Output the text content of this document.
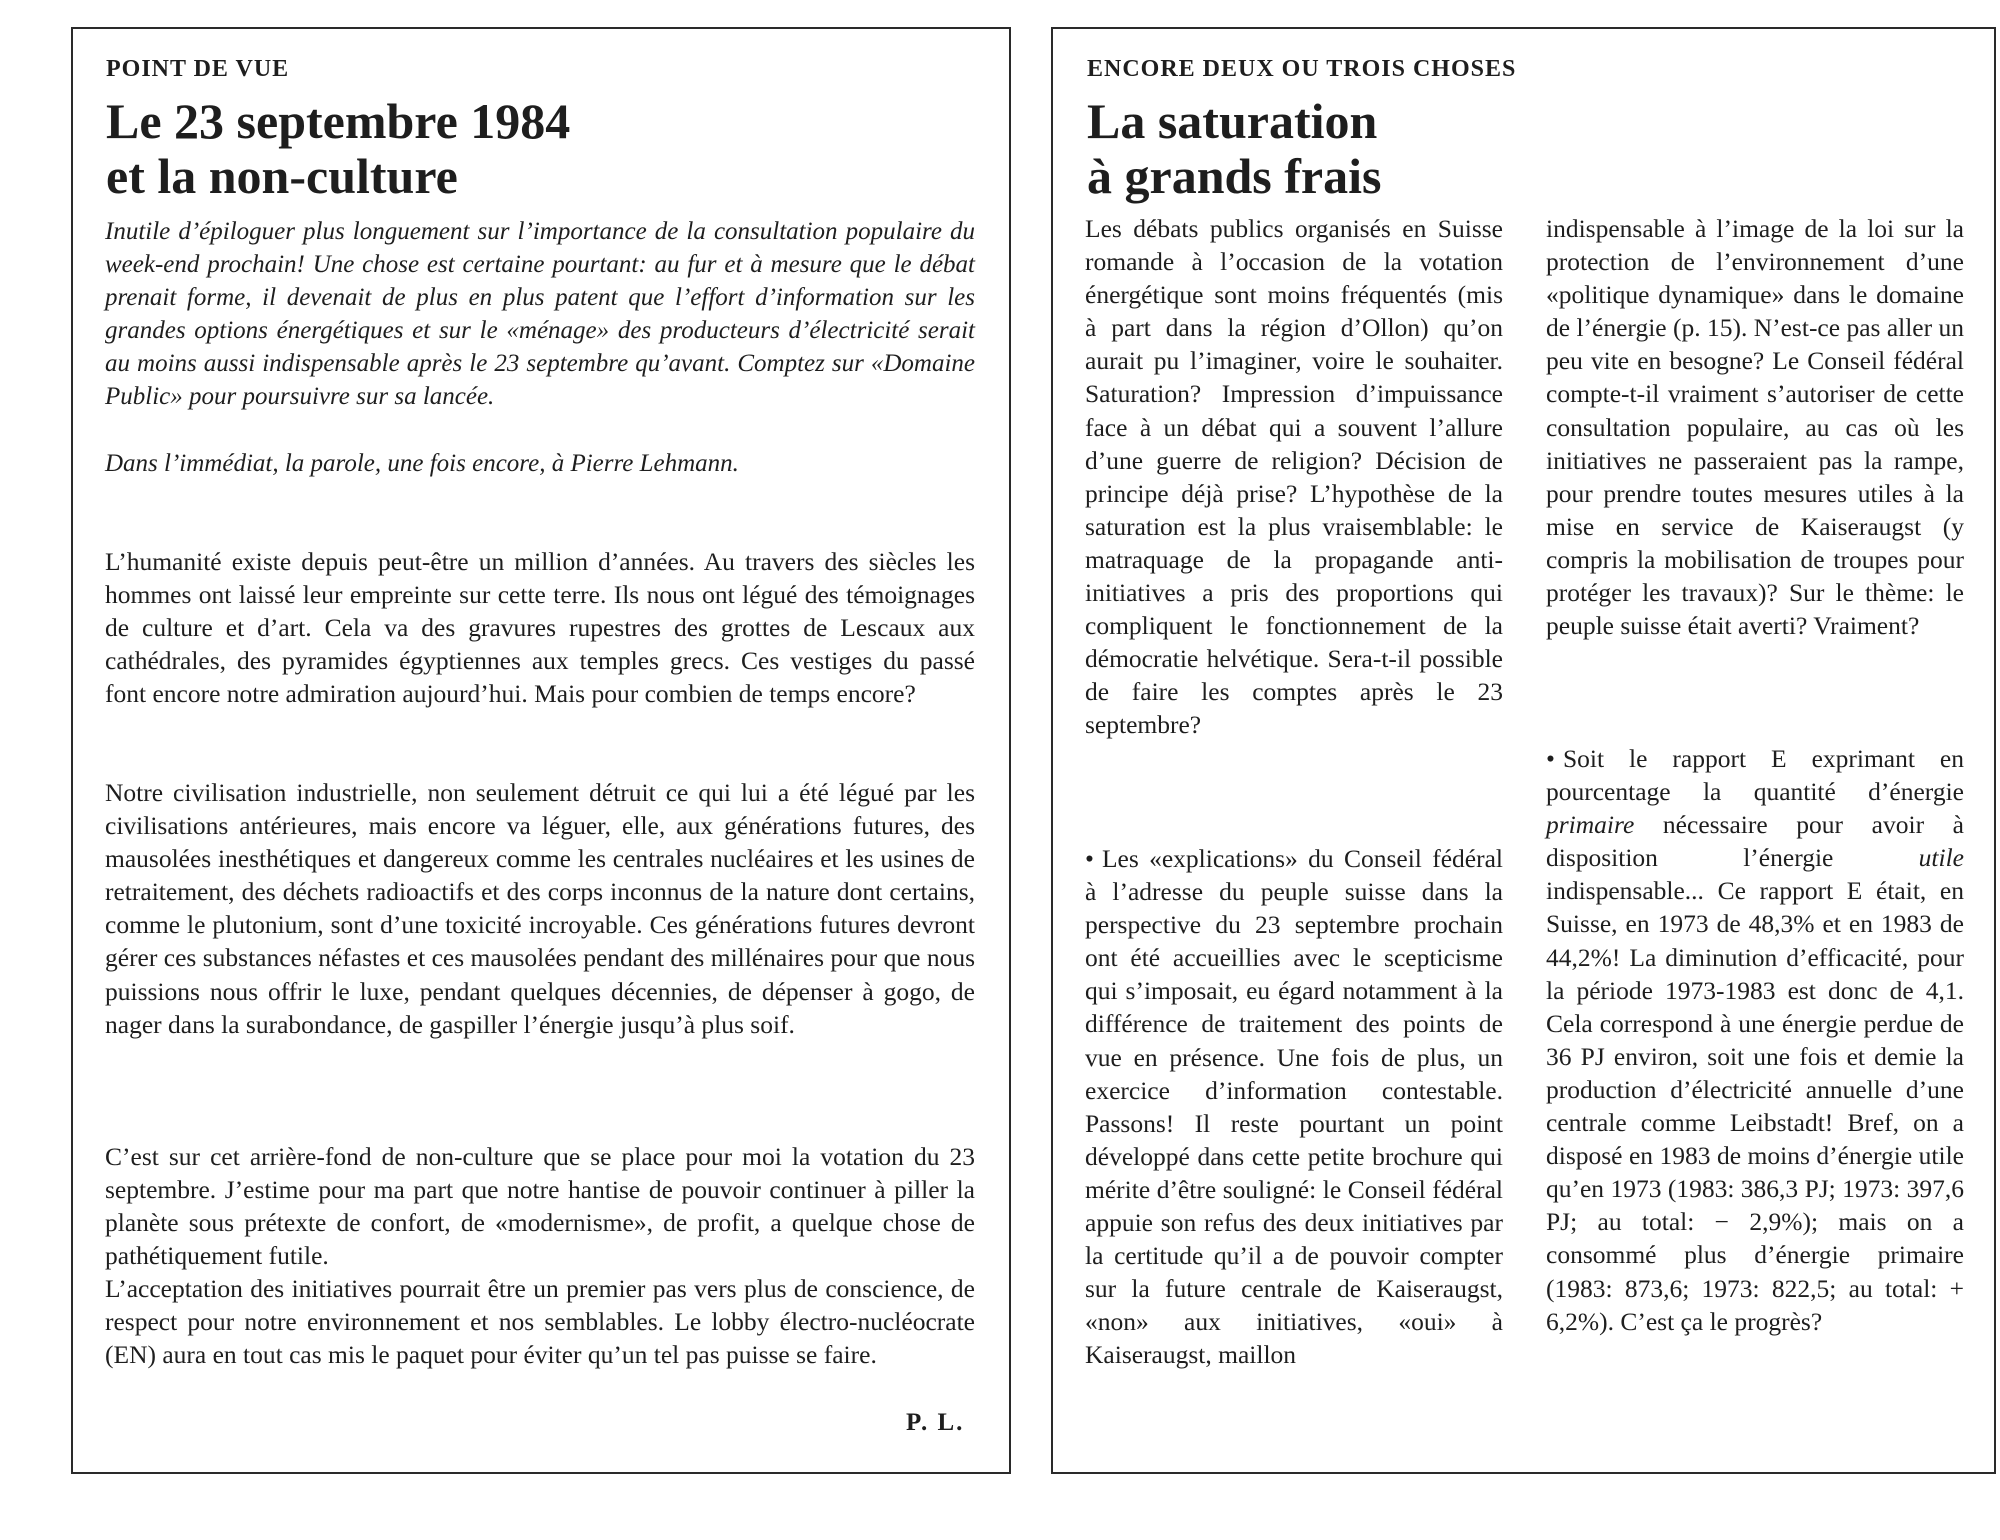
POINT DE VUE
Le 23 septembre 1984
et la non-culture

Inutile d’épiloguer plus longuement sur l’importance de la consultation populaire du week-end prochain! Une chose est certaine pourtant: au fur et à mesure que le débat prenait forme, il devenait de plus en plus patent que l’effort d’information sur les grandes options énergétiques et sur le «ménage» des producteurs d’électricité serait au moins aussi indispensable après le 23 septembre qu’avant. Comptez sur «Domaine Public» pour poursuivre sur sa lancée.

Dans l’immédiat, la parole, une fois encore, à Pierre Lehmann.

L’humanité existe depuis peut-être un million d’années. Au travers des siècles les hommes ont laissé leur empreinte sur cette terre. Ils nous ont légué des témoignages de culture et d’art. Cela va des gravures rupestres des grottes de Lescaux aux cathédrales, des pyramides égyptiennes aux temples grecs. Ces vestiges du passé font encore notre admiration aujourd’hui. Mais pour combien de temps encore?

Notre civilisation industrielle, non seulement détruit ce qui lui a été légué par les civilisations antérieures, mais encore va léguer, elle, aux générations futures, des mausolées inesthétiques et dangereux comme les centrales nucléaires et les usines de retraitement, des déchets radioactifs et des corps inconnus de la nature dont certains, comme le plutonium, sont d’une toxicité incroyable. Ces générations futures devront gérer ces substances néfastes et ces mausolées pendant des millénaires pour que nous puissions nous offrir le luxe, pendant quelques décennies, de dépenser à gogo, de nager dans la surabondance, de gaspiller l’énergie jusqu’à plus soif.

C’est sur cet arrière-fond de non-culture que se place pour moi la votation du 23 septembre. J’estime pour ma part que notre hantise de pouvoir continuer à piller la planète sous prétexte de confort, de «modernisme», de profit, a quelque chose de pathétiquement futile.

L’acceptation des initiatives pourrait être un premier pas vers plus de conscience, de respect pour notre environnement et nos semblables. Le lobby électro-nucléocrate (EN) aura en tout cas mis le paquet pour éviter qu’un tel pas puisse se faire.

P. L.
ENCORE DEUX OU TROIS CHOSES
La saturation
à grands frais

Les débats publics organisés en Suisse romande à l’occasion de la votation énergétique sont moins fréquentés (mis à part dans la région d’Ollon) qu’on aurait pu l’imaginer, voire le souhaiter. Saturation? Impression d’impuissance face à un débat qui a souvent l’allure d’une guerre de religion? Décision de principe déjà prise? L’hypothèse de la saturation est la plus vraisemblable: le matraquage de la propagande anti-initiatives a pris des proportions qui compliquent le fonctionnement de la démocratie helvétique. Sera-t-il possible de faire les comptes après le 23 septembre?

• Les «explications» du Conseil fédéral à l’adresse du peuple suisse dans la perspective du 23 septembre prochain ont été accueillies avec le scepticisme qui s’imposait, eu égard notamment à la différence de traitement des points de vue en présence. Une fois de plus, un exercice d’information contestable. Passons! Il reste pourtant un point développé dans cette petite brochure qui mérite d’être souligné: le Conseil fédéral appuie son refus des deux initiatives par la certitude qu’il a de pouvoir compter sur la future centrale de Kaiseraugst, «non» aux initiatives, «oui» à Kaiseraugst, maillon

indispensable à l’image de la loi sur la protection de l’environnement d’une «politique dynamique» dans le domaine de l’énergie (p. 15). N’est-ce pas aller un peu vite en besogne? Le Conseil fédéral compte-t-il vraiment s’autoriser de cette consultation populaire, au cas où les initiatives ne passeraient pas la rampe, pour prendre toutes mesures utiles à la mise en service de Kaiseraugst (y compris la mobilisation de troupes pour protéger les travaux)? Sur le thème: le peuple suisse était averti? Vraiment?

• Soit le rapport E exprimant en pourcentage la quantité d’énergie primaire nécessaire pour avoir à disposition l’énergie utile indispensable... Ce rapport E était, en Suisse, en 1973 de 48,3% et en 1983 de 44,2%! La diminution d’efficacité, pour la période 1973-1983 est donc de 4,1. Cela correspond à une énergie perdue de 36 PJ environ, soit une fois et demie la production d’électricité annuelle d’une centrale comme Leibstadt! Bref, on a disposé en 1983 de moins d’énergie utile qu’en 1973 (1983: 386,3 PJ; 1973: 397,6 PJ; au total: − 2,9%); mais on a consommé plus d’énergie primaire (1983: 873,6; 1973: 822,5; au total: + 6,2%). C’est ça le progrès?
